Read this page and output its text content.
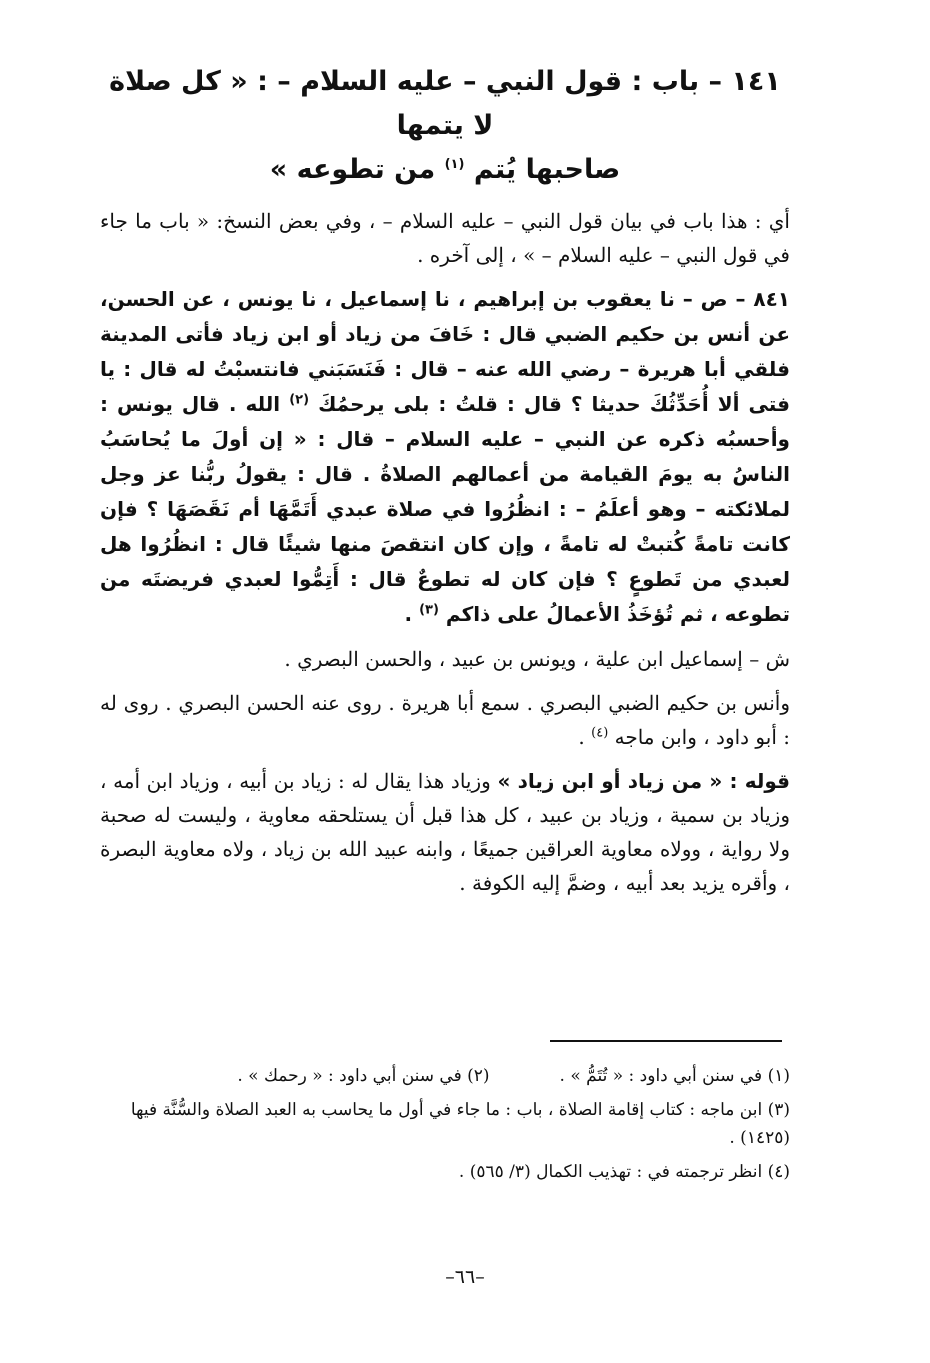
١٤١ – باب : قول النبي – عليه السلام – : « كل صلاة لا يتمها
صاحبها يُتم $^{(١)}$ من تطوعه »

أي : هذا باب في بيان قول النبي – عليه السلام – ، وفي بعض النسخ: « باب ما جاء في قول النبي – عليه السلام – » ، إلى آخره .

٨٤١ – ص – نا يعقوب بن إبراهيم ، نا إسماعيل ، نا يونس ، عن الحسن، عن أنس بن حكيم الضبي قال : خَافَ من زياد أو ابن زياد فأتى المدينة فلقي أبا هريرة – رضي الله عنه – قال : فَنَسَبَني فانتسبْتُ له قال : يا فتى ألا أُحَدِّثُكَ حديثا ؟ قال : قلتُ : بلى يرحمُكَ $^{(٢)}$ الله . قال يونس : وأحسبُه ذكره عن النبي – عليه السلام – قال : « إن أولَ ما يُحاسَبُ الناسُ به يومَ القيامة من أعمالهم الصلاةُ . قال : يقولُ ربُّنا عز وجل لملائكته – وهو أعلَمُ – : انظُرُوا في صلاة عبدي أَتَمَّهَا أم نَقَصَهَا ؟ فإن كانت تامةً كُتبتْ له تامةً ، وإن كان انتقصَ منها شيئًا قال : انظُرُوا هل لعبدي من تَطوعٍ ؟ فإن كان له تطوعٌ قال : أَتِمُّوا لعبدي فريضتَه من تطوعه ، ثم تُؤخَذُ الأعمالُ على ذاكم $^{(٣)}$ .

ش – إسماعيل ابن علية ، ويونس بن عبيد ، والحسن البصري .

وأنس بن حكيم الضبي البصري . سمع أبا هريرة . روى عنه الحسن البصري . روى له : أبو داود ، وابن ماجه $^{(٤)}$ .

قوله : « من زياد أو ابن زياد » وزياد هذا يقال له : زياد بن أبيه ، وزياد ابن أمه ، وزياد بن سمية ، وزياد بن عبيد ، كل هذا قبل أن يستلحقه معاوية ، وليست له صحبة ولا رواية ، وولاه معاوية العراقين جميعًا ، وابنه عبيد الله بن زياد ، ولاه معاوية البصرة ، وأقره يزيد بعد أبيه ، وضمَّ إليه الكوفة .

(١) في سنن أبي داود : « تُتَمُّ » .
(٢) في سنن أبي داود : « رحمك » .

(٣) ابن ماجه : كتاب إقامة الصلاة ، باب : ما جاء في أول ما يحاسب به العبد الصلاة والسُّنَّة فيها (١٤٢٥) .

(٤) انظر ترجمته في : تهذيب الكمال (٣/ ٥٦٥) .

–٦٦–
